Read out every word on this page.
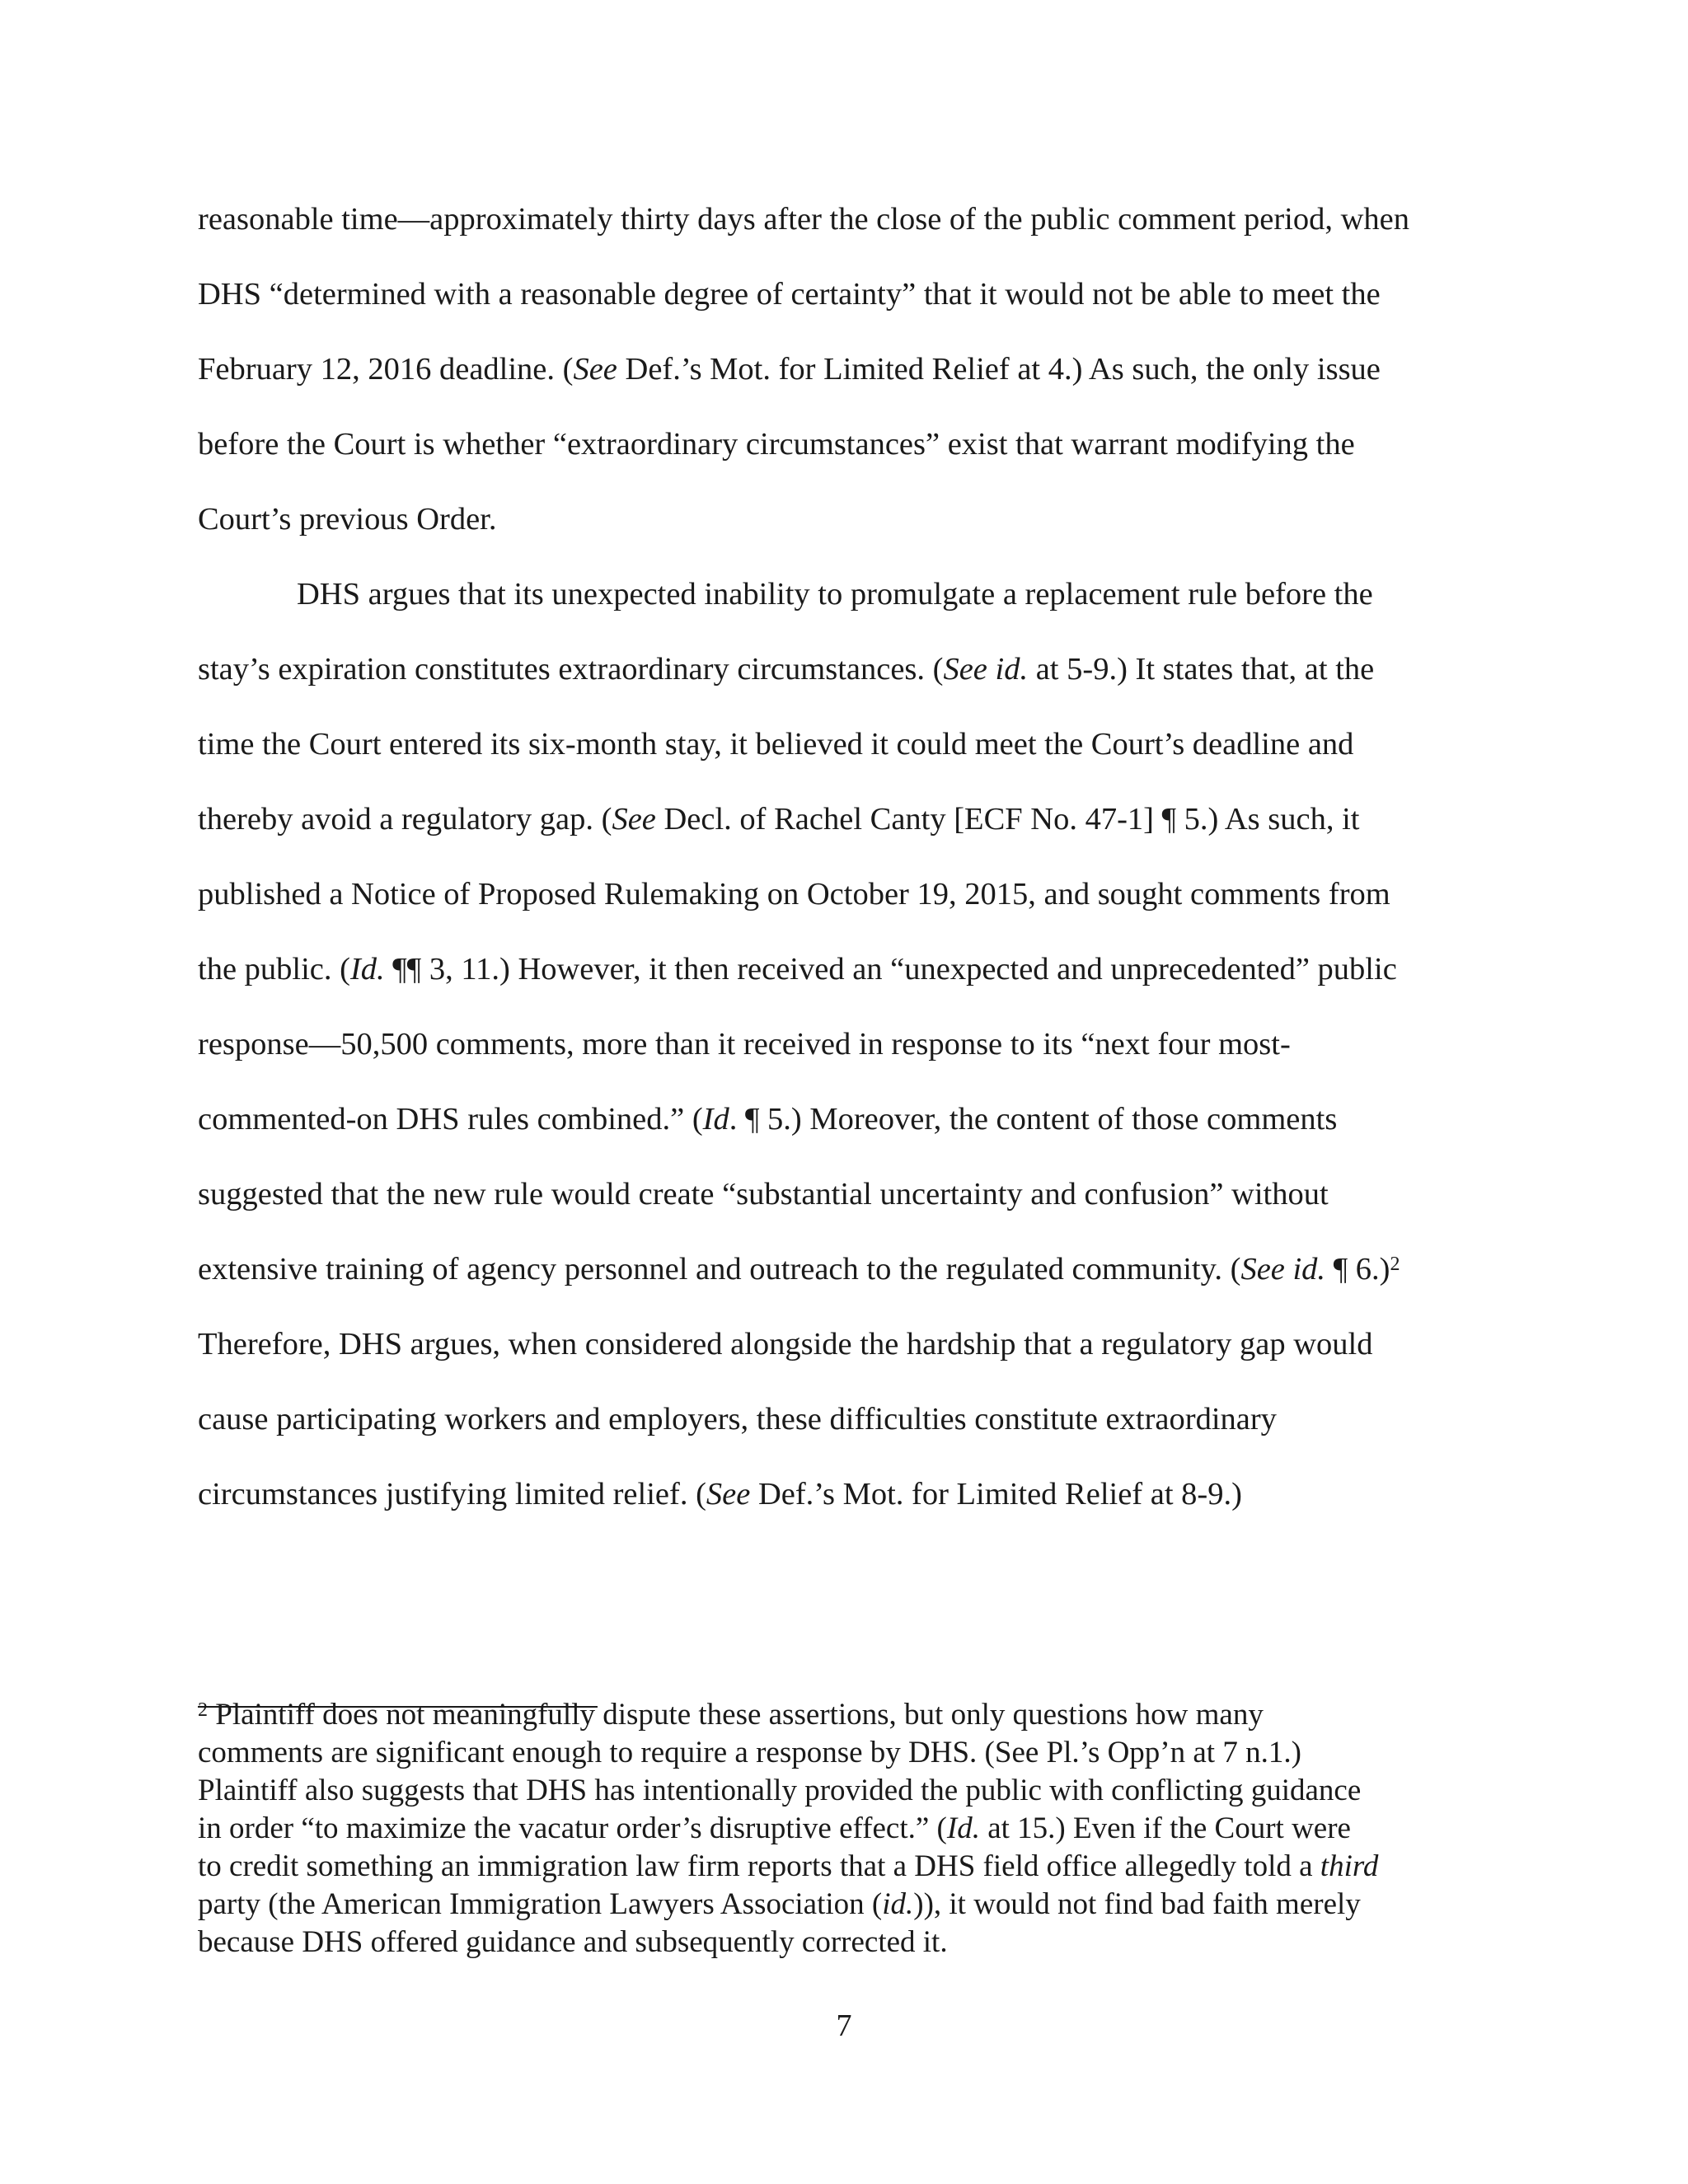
reasonable time—approximately thirty days after the close of the public comment period, when
DHS “determined with a reasonable degree of certainty” that it would not be able to meet the
February 12, 2016 deadline. (See Def.’s Mot. for Limited Relief at 4.) As such, the only issue
before the Court is whether “extraordinary circumstances” exist that warrant modifying the
Court’s previous Order.
DHS argues that its unexpected inability to promulgate a replacement rule before the
stay’s expiration constitutes extraordinary circumstances. (See id. at 5-9.) It states that, at the
time the Court entered its six-month stay, it believed it could meet the Court’s deadline and
thereby avoid a regulatory gap. (See Decl. of Rachel Canty [ECF No. 47-1] ¶ 5.) As such, it
published a Notice of Proposed Rulemaking on October 19, 2015, and sought comments from
the public. (Id. ¶¶ 3, 11.) However, it then received an “unexpected and unprecedented” public
response—50,500 comments, more than it received in response to its “next four most-
commented-on DHS rules combined.” (Id. ¶ 5.) Moreover, the content of those comments
suggested that the new rule would create “substantial uncertainty and confusion” without
extensive training of agency personnel and outreach to the regulated community. (See id. ¶ 6.)$^2$
Therefore, DHS argues, when considered alongside the hardship that a regulatory gap would
cause participating workers and employers, these difficulties constitute extraordinary
circumstances justifying limited relief. (See Def.’s Mot. for Limited Relief at 8-9.)
$^2$ Plaintiff does not meaningfully dispute these assertions, but only questions how many
comments are significant enough to require a response by DHS. (See Pl.’s Opp’n at 7 n.1.)
Plaintiff also suggests that DHS has intentionally provided the public with conflicting guidance
in order “to maximize the vacatur order’s disruptive effect.” (Id. at 15.) Even if the Court were
to credit something an immigration law firm reports that a DHS field office allegedly told a third
party (the American Immigration Lawyers Association (id.)), it would not find bad faith merely
because DHS offered guidance and subsequently corrected it.
7
